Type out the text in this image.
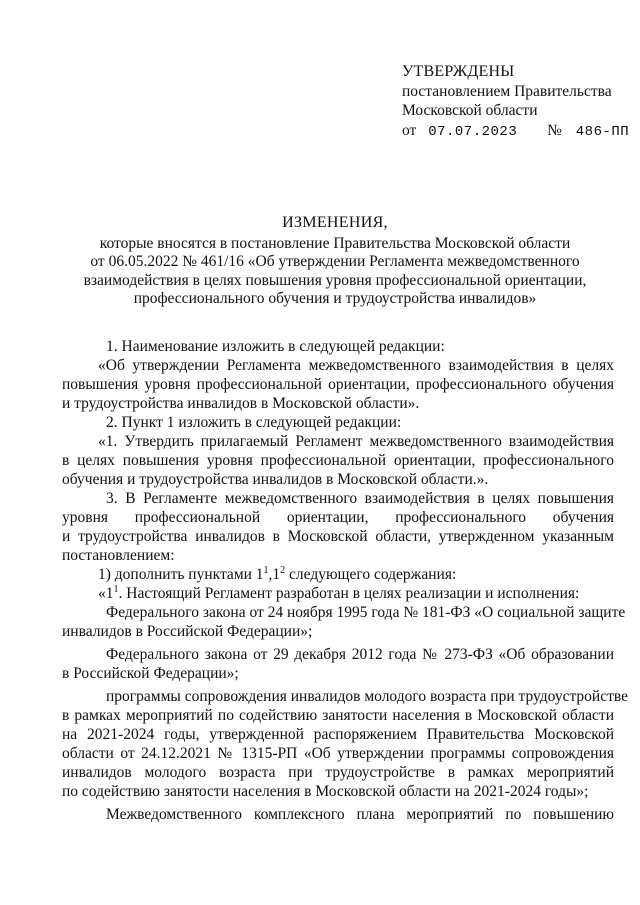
УТВЕРЖДЕНЫ
постановлением Правительства
Московской области
от 07.07.2023 № 486-ПП
ИЗМЕНЕНИЯ,
которые вносятся в постановление Правительства Московской области
от 06.05.2022 № 461/16 «Об утверждении Регламента межведомственного
взаимодействия в целях повышения уровня профессиональной ориентации,
профессионального обучения и трудоустройства инвалидов»
1. Наименование изложить в следующей редакции:
«Об утверждении Регламента межведомственного взаимодействия в целях
повышения уровня профессиональной ориентации, профессионального обучения
и трудоустройства инвалидов в Московской области».
2. Пункт 1 изложить в следующей редакции:
«1. Утвердить прилагаемый Регламент межведомственного взаимодействия
в целях повышения уровня профессиональной ориентации, профессионального
обучения и трудоустройства инвалидов в Московской области.».
3. В Регламенте межведомственного взаимодействия в целях повышения
уровня профессиональной ориентации, профессионального обучения
и трудоустройства инвалидов в Московской области, утвержденном указанным
постановлением:
1) дополнить пунктами $1^1,1^2$ следующего содержания:
«$1^1$. Настоящий Регламент разработан в целях реализации и исполнения:
Федерального закона от 24 ноября 1995 года № 181-ФЗ «О социальной защите
инвалидов в Российской Федерации»;
Федерального закона от 29 декабря 2012 года № 273-ФЗ «Об образовании
в Российской Федерации»;
программы сопровождения инвалидов молодого возраста при трудоустройстве
в рамках мероприятий по содействию занятости населения в Московской области
на 2021-2024 годы, утвержденной распоряжением Правительства Московской
области от 24.12.2021 № 1315-РП «Об утверждении программы сопровождения
инвалидов молодого возраста при трудоустройстве в рамках мероприятий
по содействию занятости населения в Московской области на 2021-2024 годы»;
Межведомственного комплексного плана мероприятий по повышению
